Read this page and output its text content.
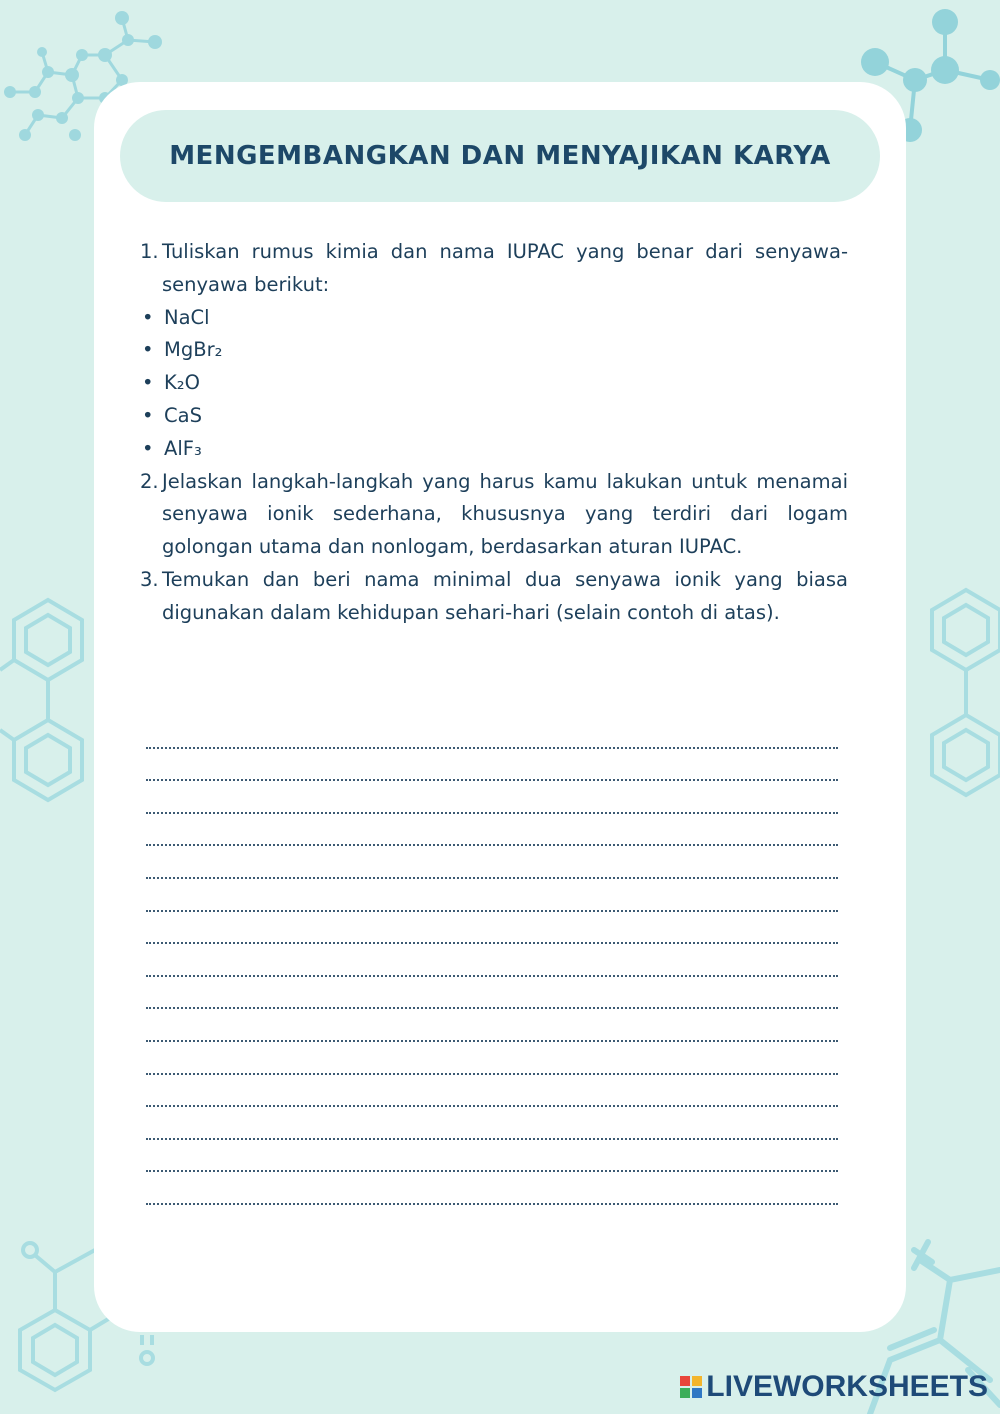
MENGEMBANGKAN DAN MENYAJIKAN KARYA
1. Tuliskan rumus kimia dan nama IUPAC yang benar dari senyawa-senyawa berikut:
• NaCl
• MgBr₂
• K₂O
• CaS
• AlF₃
2. Jelaskan langkah-langkah yang harus kamu lakukan untuk menamai senyawa ionik sederhana, khususnya yang terdiri dari logam golongan utama dan nonlogam, berdasarkan aturan IUPAC.
3. Temukan dan beri nama minimal dua senyawa ionik yang biasa digunakan dalam kehidupan sehari-hari (selain contoh di atas).
LIVEWORKSHEETS
